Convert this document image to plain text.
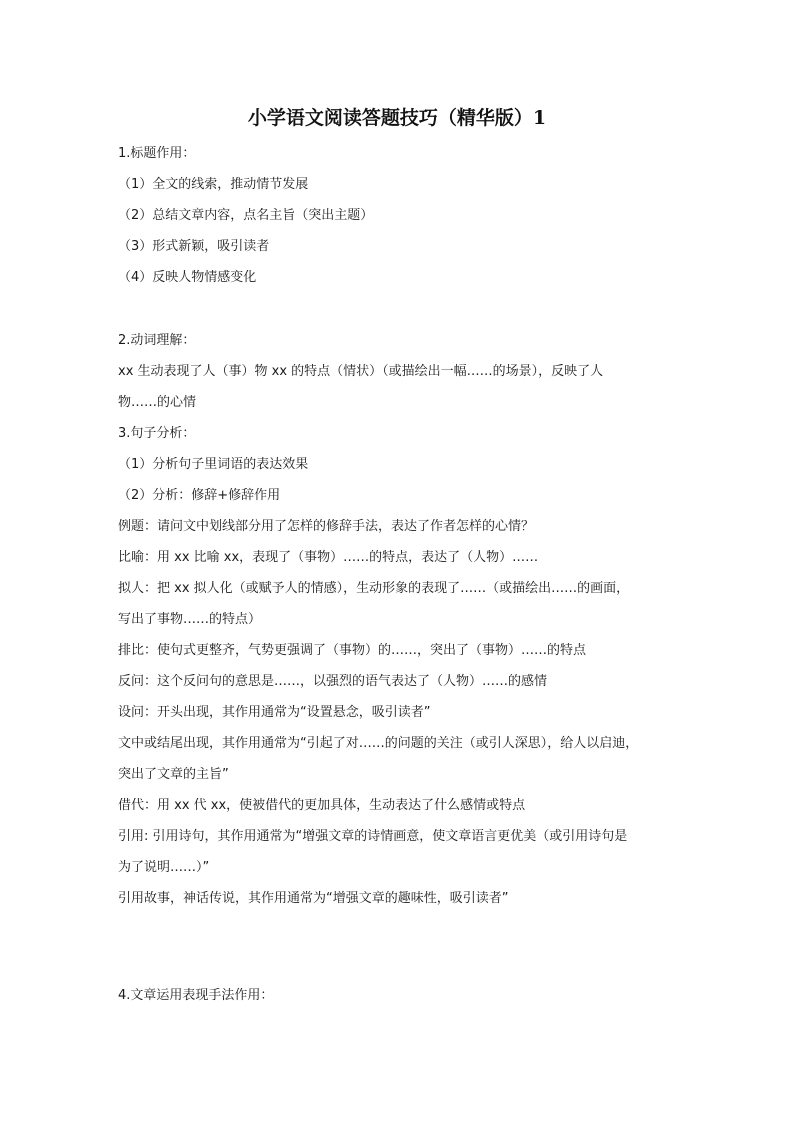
小学语文阅读答题技巧（精华版）1
1.标题作用：
（1）全文的线索，推动情节发展
（2）总结文章内容，点名主旨（突出主题）
（3）形式新颖，吸引读者
（4）反映人物情感变化
2.动词理解：
xx 生动表现了人（事）物 xx 的特点（情状）（或描绘出一幅……的场景），反映了人
物……的心情
3.句子分析：
（1）分析句子里词语的表达效果
（2）分析：修辞+修辞作用
例题：请问文中划线部分用了怎样的修辞手法，表达了作者怎样的心情？
比喻：用 xx 比喻 xx，表现了（事物）……的特点，表达了（人物）……
拟人：把 xx 拟人化（或赋予人的情感），生动形象的表现了……（或描绘出……的画面，
写出了事物……的特点）
排比：使句式更整齐，气势更强调了（事物）的……，突出了（事物）……的特点
反问：这个反问句的意思是……，以强烈的语气表达了（人物）……的感情
设问：开头出现，其作用通常为“设置悬念，吸引读者”
文中或结尾出现，其作用通常为“引起了对……的问题的关注（或引人深思），给人以启迪，
突出了文章的主旨”
借代：用 xx 代 xx，使被借代的更加具体，生动表达了什么感情或特点
引用: 引用诗句，其作用通常为“增强文章的诗情画意，使文章语言更优美（或引用诗句是
为了说明……）”
引用故事，神话传说，其作用通常为“增强文章的趣味性，吸引读者”
4.文章运用表现手法作用：
